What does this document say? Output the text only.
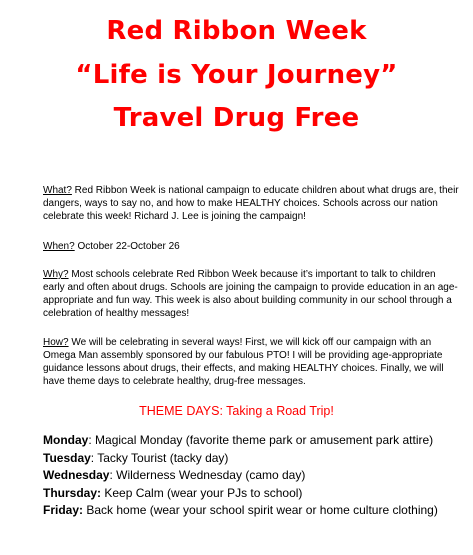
Red Ribbon Week
“Life is Your Journey”
Travel Drug Free
What? Red Ribbon Week is national campaign to educate children about what drugs are, their dangers, ways to say no, and how to make HEALTHY choices. Schools across our nation celebrate this week! Richard J. Lee is joining the campaign!
When? October 22-October 26
Why? Most schools celebrate Red Ribbon Week because it’s important to talk to children early and often about drugs. Schools are joining the campaign to provide education in an age-appropriate and fun way. This week is also about building community in our school through a celebration of healthy messages!
How? We will be celebrating in several ways! First, we will kick off our campaign with an Omega Man assembly sponsored by our fabulous PTO! I will be providing age-appropriate guidance lessons about drugs, their effects, and making HEALTHY choices. Finally, we will have theme days to celebrate healthy, drug-free messages.
THEME DAYS: Taking a Road Trip!
Monday: Magical Monday (favorite theme park or amusement park attire)
Tuesday: Tacky Tourist (tacky day)
Wednesday: Wilderness Wednesday (camo day)
Thursday: Keep Calm (wear your PJs to school)
Friday: Back home (wear your school spirit wear or home culture clothing)
